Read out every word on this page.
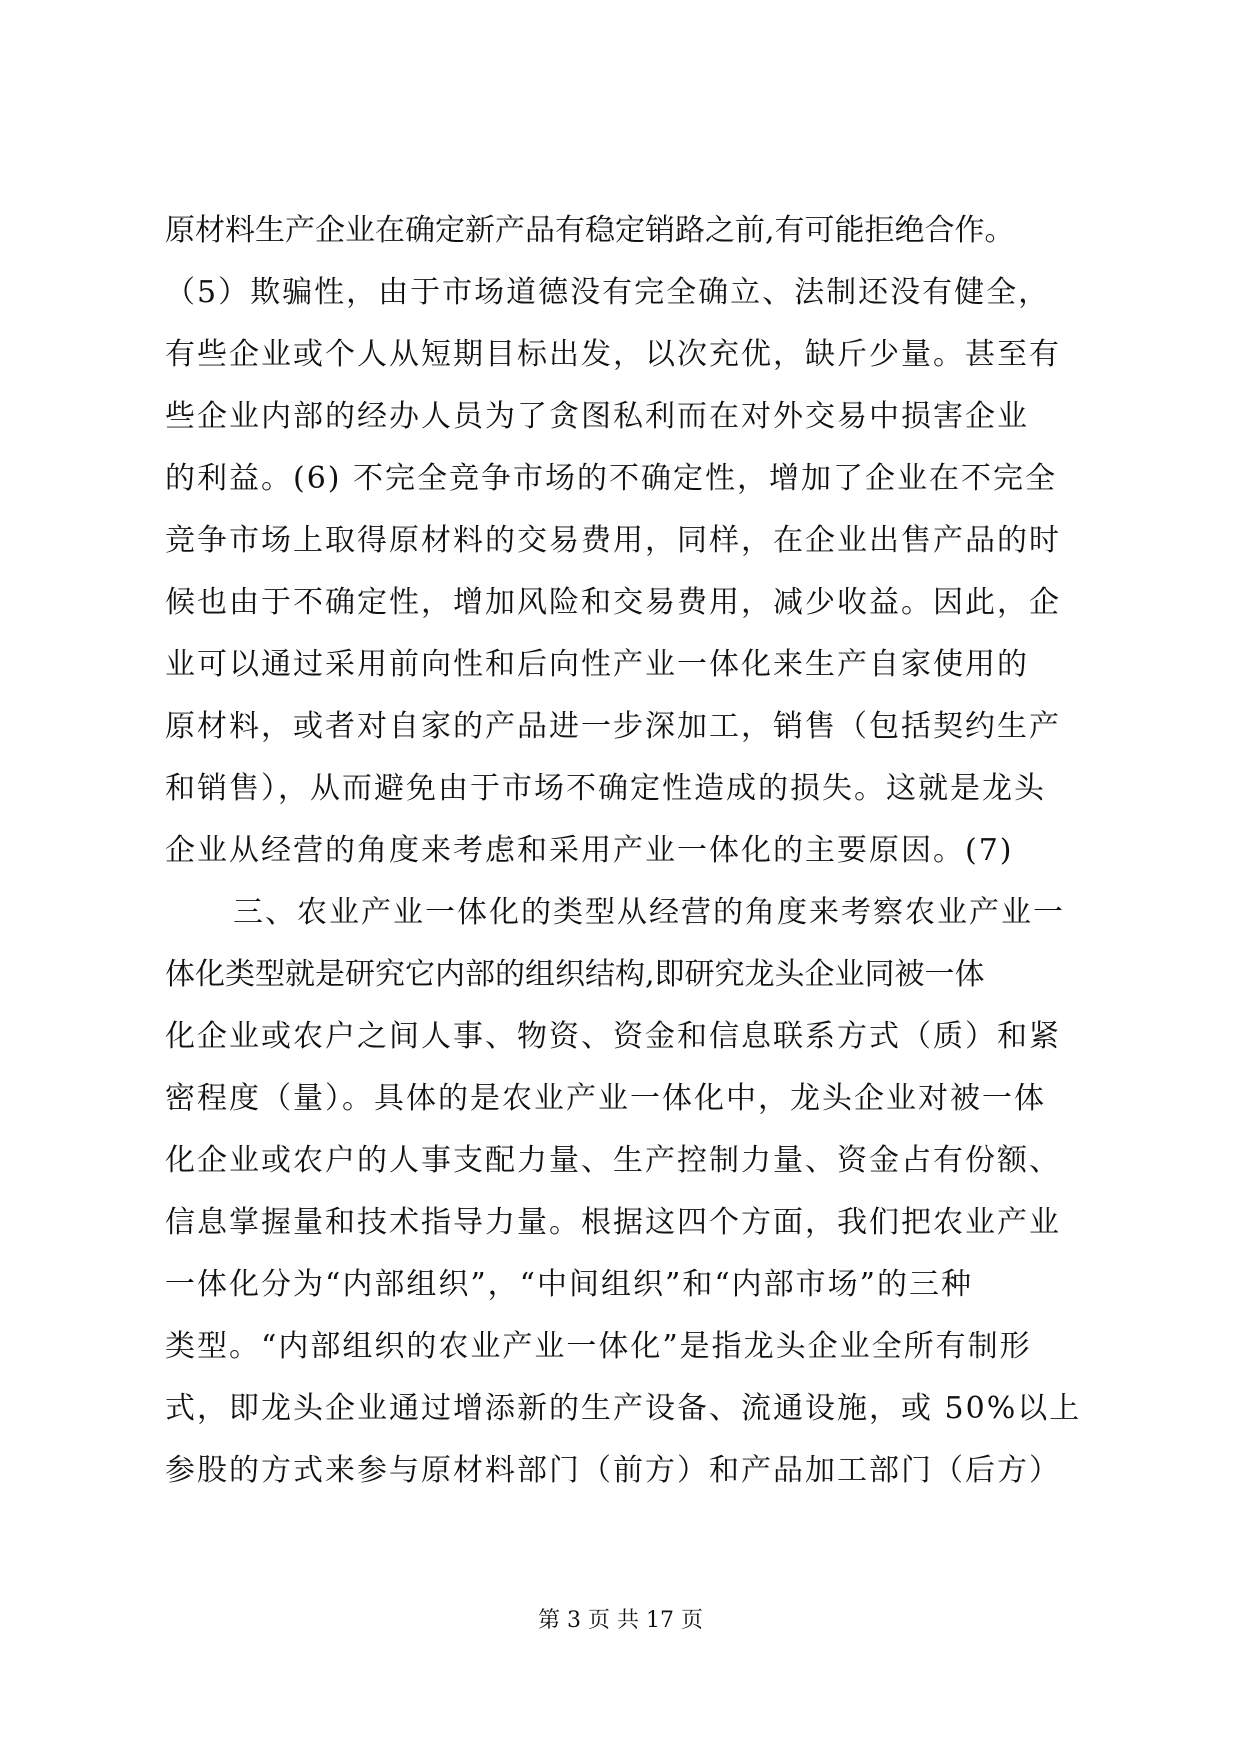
原材料生产企业在确定新产品有稳定销路之前,有可能拒绝合作。
（5）欺骗性，由于市场道德没有完全确立、法制还没有健全，
有些企业或个人从短期目标出发，以次充优，缺斤少量。甚至有
些企业内部的经办人员为了贪图私利而在对外交易中损害企业
的利益。(6) 不完全竞争市场的不确定性，增加了企业在不完全
竞争市场上取得原材料的交易费用，同样，在企业出售产品的时
候也由于不确定性，增加风险和交易费用，减少收益。因此，企
业可以通过采用前向性和后向性产业一体化来生产自家使用的
原材料，或者对自家的产品进一步深加工，销售（包括契约生产
和销售），从而避免由于市场不确定性造成的损失。这就是龙头
企业从经营的角度来考虑和采用产业一体化的主要原因。(7)
三、农业产业一体化的类型从经营的角度来考察农业产业一
体化类型就是研究它内部的组织结构,即研究龙头企业同被一体
化企业或农户之间人事、物资、资金和信息联系方式（质）和紧
密程度（量）。具体的是农业产业一体化中，龙头企业对被一体
化企业或农户的人事支配力量、生产控制力量、资金占有份额、
信息掌握量和技术指导力量。根据这四个方面，我们把农业产业
一体化分为“内部组织”，“中间组织”和“内部市场”的三种
类型。“内部组织的农业产业一体化”是指龙头企业全所有制形
式，即龙头企业通过增添新的生产设备、流通设施，或 50%以上
参股的方式来参与原材料部门（前方）和产品加工部门（后方）
第 3 页 共 17 页
